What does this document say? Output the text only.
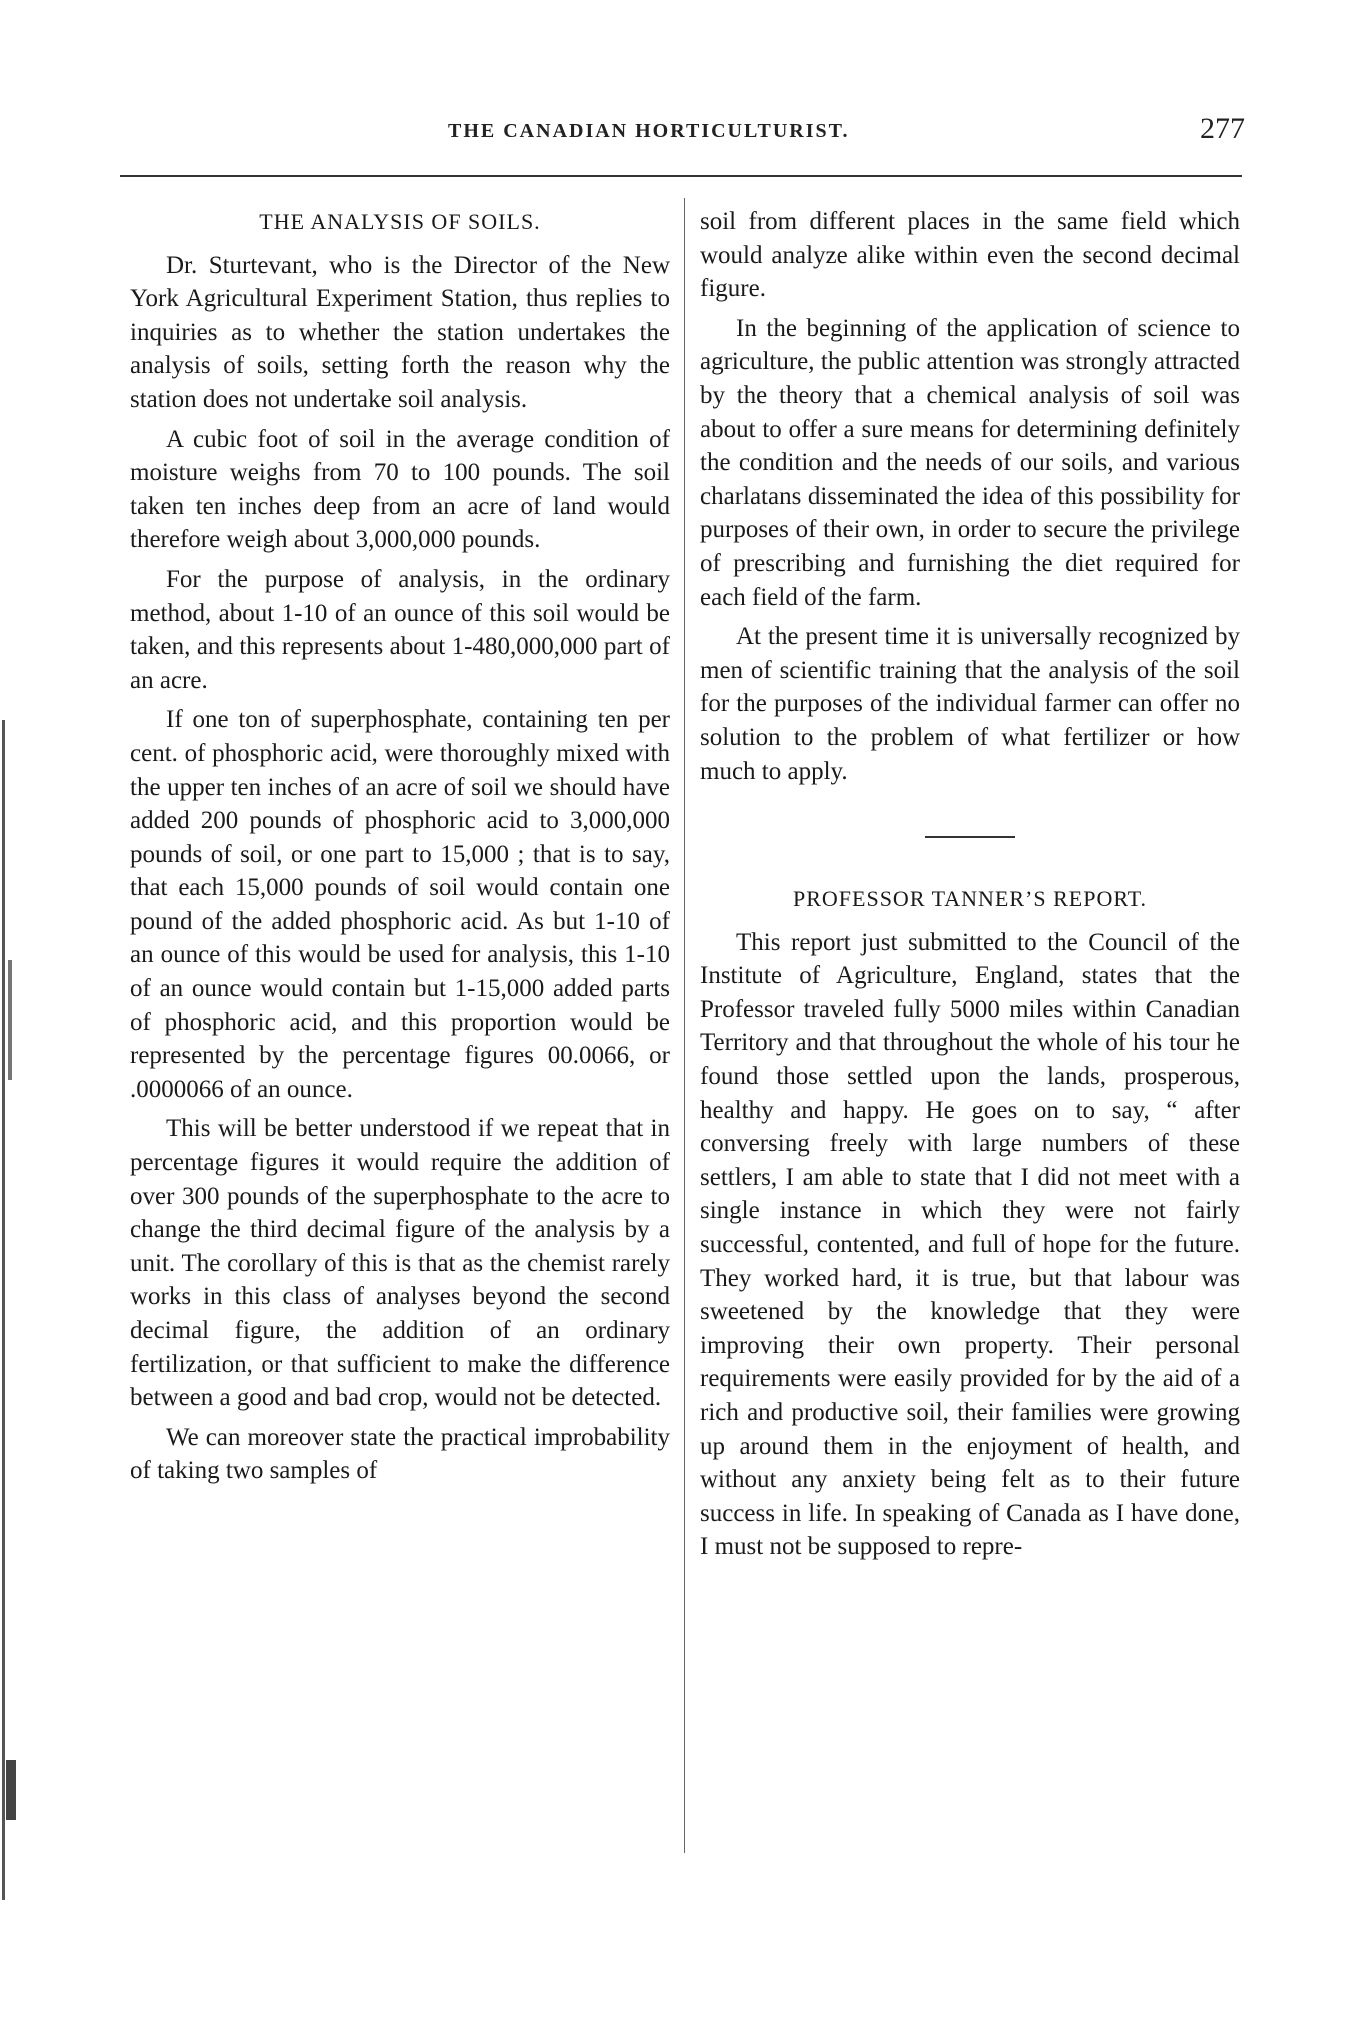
THE CANADIAN HORTICULTURIST.	277
THE ANALYSIS OF SOILS.

Dr. Sturtevant, who is the Director of the New York Agricultural Experiment Station, thus replies to inquiries as to whether the station undertakes the analysis of soils, setting forth the reason why the station does not undertake soil analysis.

A cubic foot of soil in the average condition of moisture weighs from 70 to 100 pounds. The soil taken ten inches deep from an acre of land would therefore weigh about 3,000,000 pounds.

For the purpose of analysis, in the ordinary method, about 1-10 of an ounce of this soil would be taken, and this represents about 1-480,000,000 part of an acre.

If one ton of superphosphate, containing ten per cent. of phosphoric acid, were thoroughly mixed with the upper ten inches of an acre of soil we should have added 200 pounds of phosphoric acid to 3,000,000 pounds of soil, or one part to 15,000 ; that is to say, that each 15,000 pounds of soil would contain one pound of the added phosphoric acid. As but 1-10 of an ounce of this would be used for analysis, this 1-10 of an ounce would contain but 1-15,000 added parts of phosphoric acid, and this proportion would be represented by the percentage figures 00.0066, or .0000066 of an ounce.

This will be better understood if we repeat that in percentage figures it would require the addition of over 300 pounds of the superphosphate to the acre to change the third decimal figure of the analysis by a unit. The corollary of this is that as the chemist rarely works in this class of analyses beyond the second decimal figure, the addition of an ordinary fertilization, or that sufficient to make the difference between a good and bad crop, would not be detected.

We can moreover state the practical improbability of taking two samples of

soil from different places in the same field which would analyze alike within even the second decimal figure.

In the beginning of the application of science to agriculture, the public attention was strongly attracted by the theory that a chemical analysis of soil was about to offer a sure means for determining definitely the condition and the needs of our soils, and various charlatans disseminated the idea of this possibility for purposes of their own, in order to secure the privilege of prescribing and furnishing the diet required for each field of the farm.

At the present time it is universally recognized by men of scientific training that the analysis of the soil for the purposes of the individual farmer can offer no solution to the problem of what fertilizer or how much to apply.

PROFESSOR TANNER’S REPORT.

This report just submitted to the Council of the Institute of Agriculture, England, states that the Professor traveled fully 5000 miles within Canadian Territory and that throughout the whole of his tour he found those settled upon the lands, prosperous, healthy and happy. He goes on to say, “ after conversing freely with large numbers of these settlers, I am able to state that I did not meet with a single instance in which they were not fairly successful, contented, and full of hope for the future. They worked hard, it is true, but that labour was sweetened by the knowledge that they were improving their own property. Their personal requirements were easily provided for by the aid of a rich and productive soil, their families were growing up around them in the enjoyment of health, and without any anxiety being felt as to their future success in life. In speaking of Canada as I have done, I must not be supposed to repre-
